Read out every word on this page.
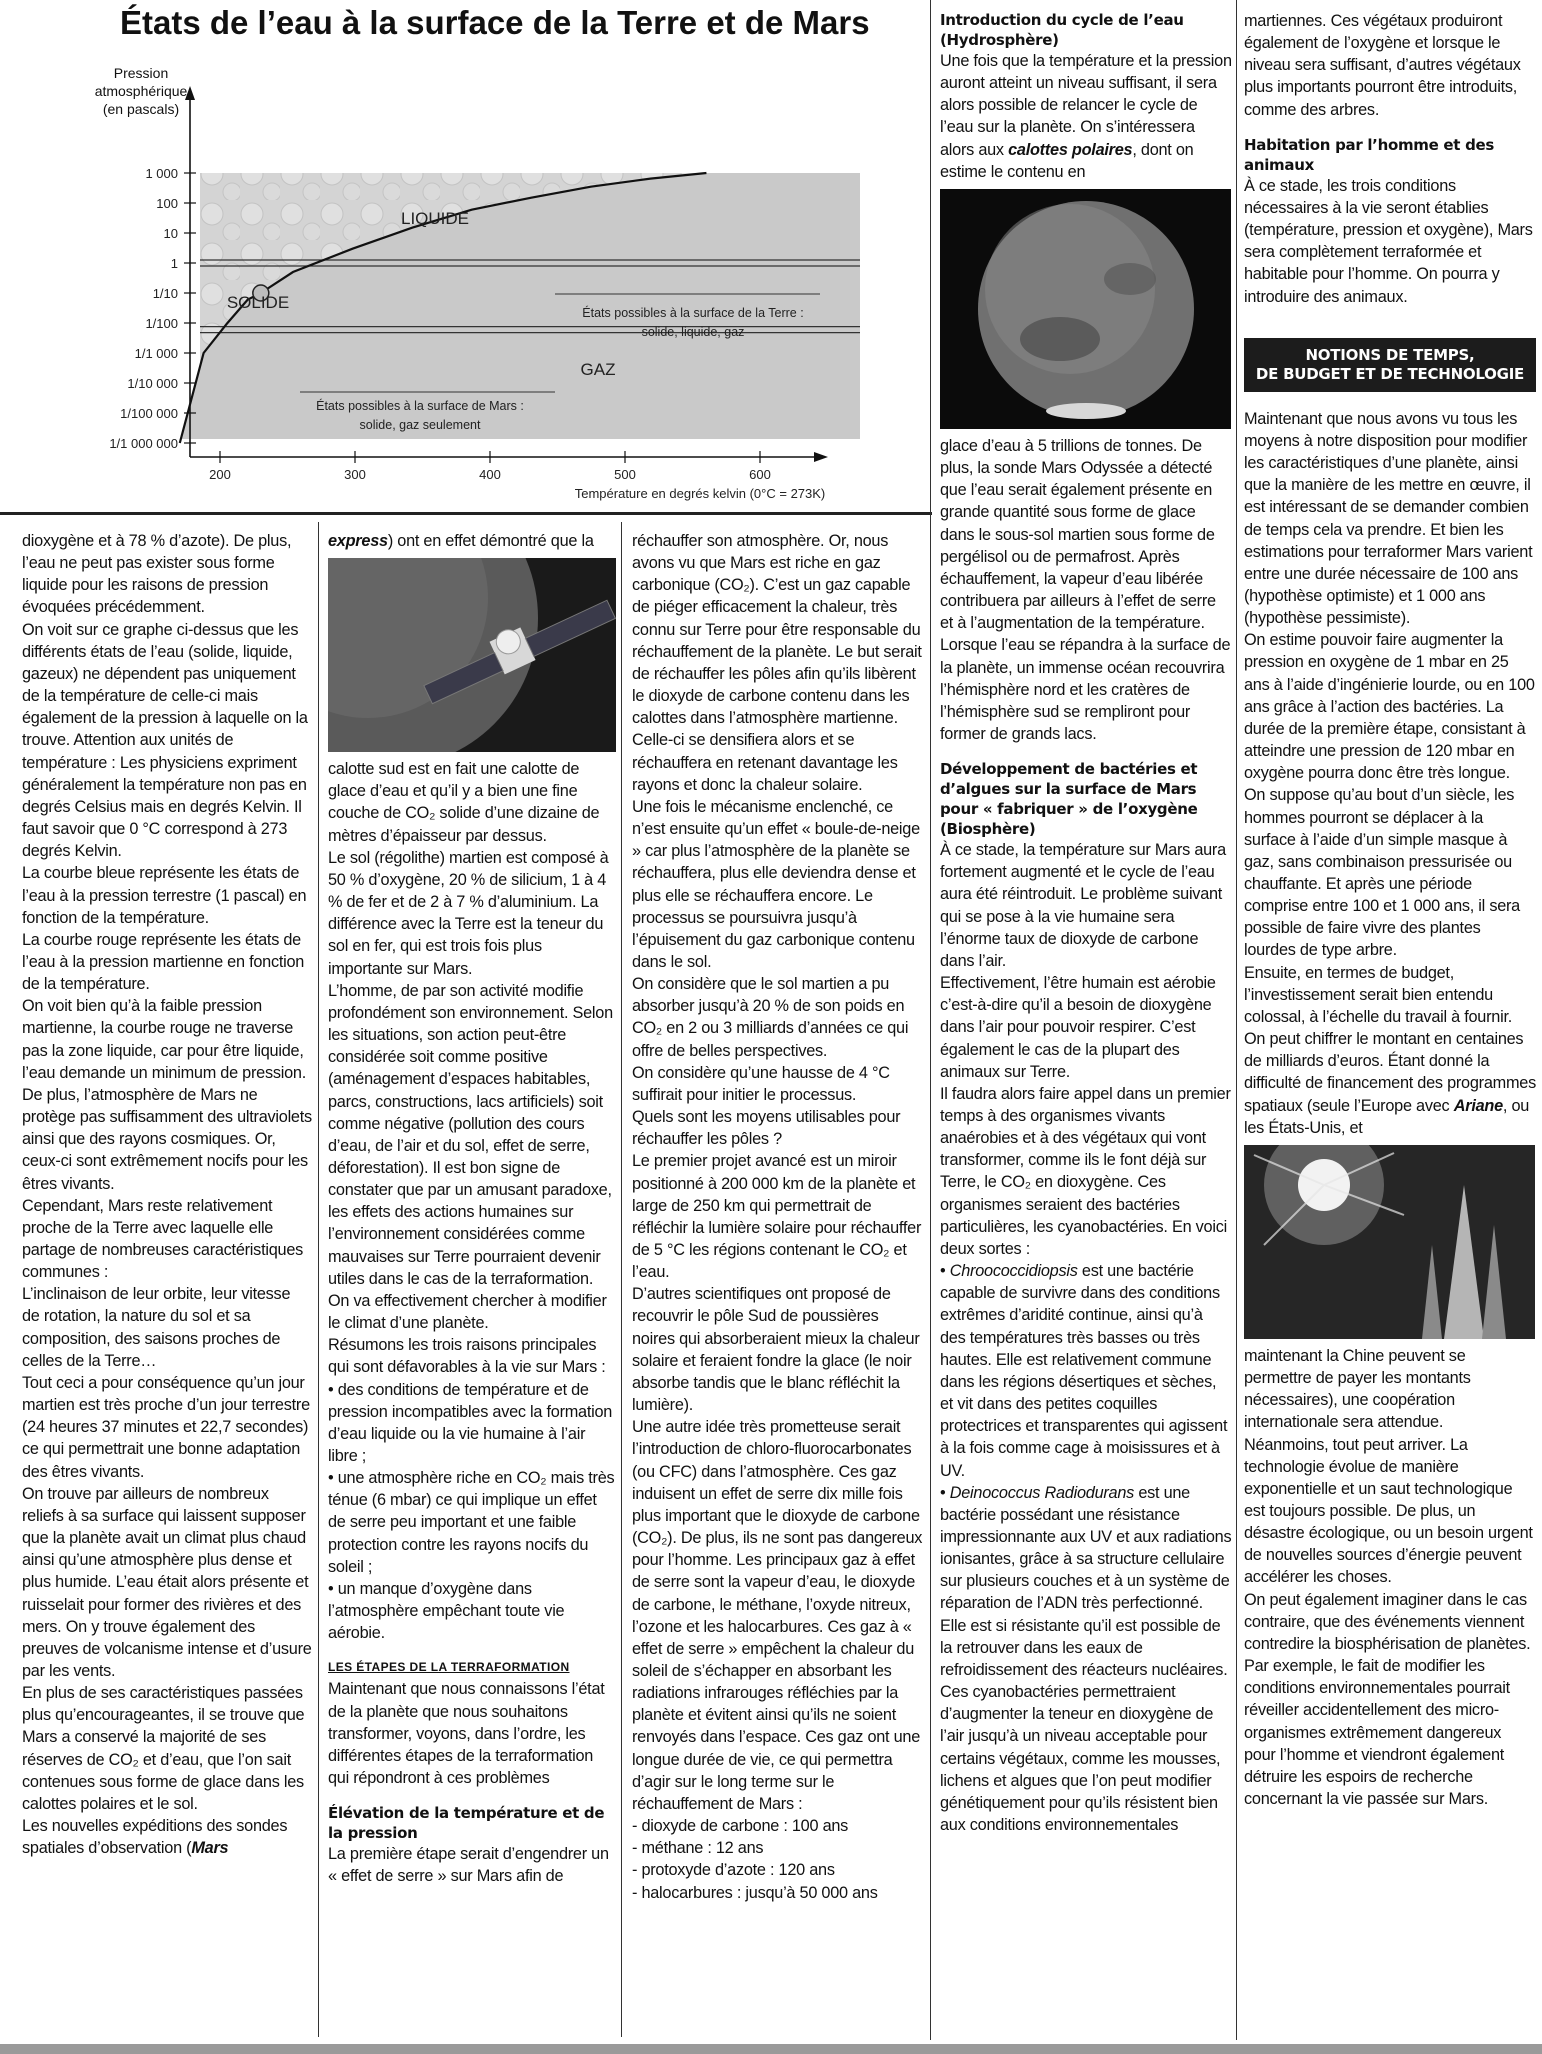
États de l’eau à la surface de la Terre et de Mars
1 000
100
10
1
1/10
1/100
1/1 000
1/10 000
1/100 000
1/1 000 000
200	300	400	500	600
Température en degrés kelvin (0°C = 273K)
LIQUIDE
SOLIDE
GAZ
États possibles à la surface de la Terre :
solide, liquide, gaz
États possibles à la surface de Mars :
solide, gaz seulement
Pression
atmosphérique
(en pascals)

dioxygène et à 78 % d’azote). De plus, l’eau ne peut pas exister sous forme liquide pour les raisons de pression évoquées précédemment.

On voit sur ce graphe ci-dessus que les différents états de l’eau (solide, liquide, gazeux) ne dépendent pas uniquement de la température de celle-ci mais également de la pression à laquelle on la trouve. Attention aux unités de température : Les physiciens expriment généralement la température non pas en degrés Celsius mais en degrés Kelvin. Il faut savoir que 0 °C correspond à 273 degrés Kelvin.

La courbe bleue représente les états de l’eau à la pression terrestre (1 pascal) en fonction de la température.

La courbe rouge représente les états de l’eau à la pression martienne en fonction de la température.

On voit bien qu’à la faible pression martienne, la courbe rouge ne traverse pas la zone liquide, car pour être liquide, l’eau demande un minimum de pression.

De plus, l’atmosphère de Mars ne protège pas suffisamment des ultraviolets ainsi que des rayons cosmiques. Or, ceux-ci sont extrêmement nocifs pour les êtres vivants.

Cependant, Mars reste relativement proche de la Terre avec laquelle elle partage de nombreuses caractéristiques communes :

L’inclinaison de leur orbite, leur vitesse de rotation, la nature du sol et sa composition, des saisons proches de celles de la Terre…

Tout ceci a pour conséquence qu’un jour martien est très proche d’un jour terrestre (24 heures 37 minutes et 22,7 secondes) ce qui permettrait une bonne adaptation des êtres vivants.

On trouve par ailleurs de nombreux reliefs à sa surface qui laissent supposer que la planète avait un climat plus chaud ainsi qu’une atmosphère plus dense et plus humide. L’eau était alors présente et ruisselait pour former des rivières et des mers. On y trouve également des preuves de volcanisme intense et d’usure par les vents.

En plus de ses caractéristiques passées plus qu’encourageantes, il se trouve que Mars a conservé la majorité de ses réserves de CO₂ et d’eau, que l’on sait contenues sous forme de glace dans les calottes polaires et le sol.

Les nouvelles expéditions des sondes spatiales d’observation (Mars

express) ont en effet démontré que la

calotte sud est en fait une calotte de glace d’eau et qu’il y a bien une fine couche de CO₂ solide d’une dizaine de mètres d’épaisseur par dessus.

Le sol (régolithe) martien est composé à 50 % d’oxygène, 20 % de silicium, 1 à 4 % de fer et de 2 à 7 % d’aluminium. La différence avec la Terre est la teneur du sol en fer, qui est trois fois plus importante sur Mars.

L’homme, de par son activité modifie profondément son environnement. Selon les situations, son action peut-être considérée soit comme positive (aménagement d’espaces habitables, parcs, constructions, lacs artificiels) soit comme négative (pollution des cours d’eau, de l’air et du sol, effet de serre, déforestation). Il est bon signe de constater que par un amusant paradoxe, les effets des actions humaines sur l’environnement considérées comme mauvaises sur Terre pourraient devenir utiles dans le cas de la terraformation. On va effectivement chercher à modifier le climat d’une planète.

Résumons les trois raisons principales qui sont défavorables à la vie sur Mars :

• des conditions de température et de pression incompatibles avec la formation d’eau liquide ou la vie humaine à l’air libre ;

• une atmosphère riche en CO₂ mais très ténue (6 mbar) ce qui implique un effet de serre peu important et une faible protection contre les rayons nocifs du soleil ;

• un manque d’oxygène dans l’atmosphère empêchant toute vie aérobie.

LES ÉTAPES DE LA TERRAFORMATION

Maintenant que nous connaissons l’état de la planète que nous souhaitons transformer, voyons, dans l’ordre, les différentes étapes de la terraformation qui répondront à ces problèmes

Élévation de la température et de la pression

La première étape serait d’engendrer un « effet de serre » sur Mars afin de

réchauffer son atmosphère. Or, nous avons vu que Mars est riche en gaz carbonique (CO₂). C’est un gaz capable de piéger efficacement la chaleur, très connu sur Terre pour être responsable du réchauffement de la planète. Le but serait de réchauffer les pôles afin qu’ils libèrent le dioxyde de carbone contenu dans les calottes dans l’atmosphère martienne. Celle-ci se densifiera alors et se réchauffera en retenant davantage les rayons et donc la chaleur solaire.

Une fois le mécanisme enclenché, ce n’est ensuite qu’un effet « boule-de-neige » car plus l’atmosphère de la planète se réchauffera, plus elle deviendra dense et plus elle se réchauffera encore. Le processus se poursuivra jusqu’à l’épuisement du gaz carbonique contenu dans le sol.

On considère que le sol martien a pu absorber jusqu’à 20 % de son poids en CO₂ en 2 ou 3 milliards d’années ce qui offre de belles perspectives.

On considère qu’une hausse de 4 °C suffirait pour initier le processus.

Quels sont les moyens utilisables pour réchauffer les pôles ?

Le premier projet avancé est un miroir positionné à 200 000 km de la planète et large de 250 km qui permettrait de réfléchir la lumière solaire pour réchauffer de 5 °C les régions contenant le CO₂ et l’eau.

D’autres scientifiques ont proposé de recouvrir le pôle Sud de poussières noires qui absorberaient mieux la chaleur solaire et feraient fondre la glace (le noir absorbe tandis que le blanc réfléchit la lumière).

Une autre idée très prometteuse serait l’introduction de chloro-fluorocarbonates (ou CFC) dans l’atmosphère. Ces gaz induisent un effet de serre dix mille fois plus important que le dioxyde de carbone (CO₂). De plus, ils ne sont pas dangereux pour l’homme. Les principaux gaz à effet de serre sont la vapeur d’eau, le dioxyde de carbone, le méthane, l’oxyde nitreux, l’ozone et les halocarbures. Ces gaz à « effet de serre » empêchent la chaleur du soleil de s’échapper en absorbant les radiations infrarouges réfléchies par la planète et évitent ainsi qu’ils ne soient renvoyés dans l’espace. Ces gaz ont une longue durée de vie, ce qui permettra d’agir sur le long terme sur le réchauffement de Mars :

- dioxyde de carbone : 100 ans

- méthane : 12 ans

- protoxyde d’azote : 120 ans

- halocarbures : jusqu’à 50 000 ans

Introduction du cycle de l’eau (Hydrosphère)

Une fois que la température et la pression auront atteint un niveau suffisant, il sera alors possible de relancer le cycle de l’eau sur la planète. On s’intéressera alors aux calottes polaires, dont on estime le contenu en

glace d’eau à 5 trillions de tonnes. De plus, la sonde Mars Odyssée a détecté que l’eau serait également présente en grande quantité sous forme de glace dans le sous-sol martien sous forme de pergélisol ou de permafrost. Après échauffement, la vapeur d’eau libérée contribuera par ailleurs à l’effet de serre et à l’augmentation de la température.

Lorsque l’eau se répandra à la surface de la planète, un immense océan recouvrira l’hémisphère nord et les cratères de l’hémisphère sud se rempliront pour former de grands lacs.

Développement de bactéries et d’algues sur la surface de Mars pour « fabriquer » de l’oxygène (Biosphère)

À ce stade, la température sur Mars aura fortement augmenté et le cycle de l’eau aura été réintroduit. Le problème suivant qui se pose à la vie humaine sera l’énorme taux de dioxyde de carbone dans l’air.

Effectivement, l’être humain est aérobie c’est-à-dire qu’il a besoin de dioxygène dans l’air pour pouvoir respirer. C’est également le cas de la plupart des animaux sur Terre.

Il faudra alors faire appel dans un premier temps à des organismes vivants anaérobies et à des végétaux qui vont transformer, comme ils le font déjà sur Terre, le CO₂ en dioxygène. Ces organismes seraient des bactéries particulières, les cyanobactéries. En voici deux sortes :

• Chroococcidiopsis est une bactérie capable de survivre dans des conditions extrêmes d’aridité continue, ainsi qu’à des températures très basses ou très hautes. Elle est relativement commune dans les régions désertiques et sèches, et vit dans des petites coquilles protectrices et transparentes qui agissent à la fois comme cage à moisissures et à UV.

• Deinococcus Radiodurans est une bactérie possédant une résistance impressionnante aux UV et aux radiations ionisantes, grâce à sa structure cellulaire sur plusieurs couches et à un système de réparation de l’ADN très perfectionné. Elle est si résistante qu’il est possible de la retrouver dans les eaux de refroidissement des réacteurs nucléaires.

Ces cyanobactéries permettraient d’augmenter la teneur en dioxygène de l’air jusqu’à un niveau acceptable pour certains végétaux, comme les mousses, lichens et algues que l’on peut modifier génétiquement pour qu’ils résistent bien aux conditions environnementales

martiennes. Ces végétaux produiront également de l’oxygène et lorsque le niveau sera suffisant, d’autres végétaux plus importants pourront être introduits, comme des arbres.

Habitation par l’homme et des animaux

À ce stade, les trois conditions nécessaires à la vie seront établies (température, pression et oxygène), Mars sera complètement terraformée et habitable pour l’homme. On pourra y introduire des animaux.

NOTIONS DE TEMPS,
DE BUDGET ET DE TECHNOLOGIE

Maintenant que nous avons vu tous les moyens à notre disposition pour modifier les caractéristiques d’une planète, ainsi que la manière de les mettre en œuvre, il est intéressant de se demander combien de temps cela va prendre. Et bien les estimations pour terraformer Mars varient entre une durée nécessaire de 100 ans (hypothèse optimiste) et 1 000 ans (hypothèse pessimiste).

On estime pouvoir faire augmenter la pression en oxygène de 1 mbar en 25 ans à l’aide d’ingénierie lourde, ou en 100 ans grâce à l’action des bactéries. La durée de la première étape, consistant à atteindre une pression de 120 mbar en oxygène pourra donc être très longue.

On suppose qu’au bout d’un siècle, les hommes pourront se déplacer à la surface à l’aide d’un simple masque à gaz, sans combinaison pressurisée ou chauffante. Et après une période comprise entre 100 et 1 000 ans, il sera possible de faire vivre des plantes lourdes de type arbre.

Ensuite, en termes de budget, l’investissement serait bien entendu colossal, à l’échelle du travail à fournir. On peut chiffrer le montant en centaines de milliards d’euros. Étant donné la difficulté de financement des programmes spatiaux (seule l’Europe avec Ariane, ou les États-Unis, et

maintenant la Chine peuvent se permettre de payer les montants nécessaires), une coopération internationale sera attendue.

Néanmoins, tout peut arriver. La technologie évolue de manière exponentielle et un saut technologique est toujours possible. De plus, un désastre écologique, ou un besoin urgent de nouvelles sources d’énergie peuvent accélérer les choses.

On peut également imaginer dans le cas contraire, que des événements viennent contredire la biosphérisation de planètes. Par exemple, le fait de modifier les conditions environnementales pourrait réveiller accidentellement des micro-organismes extrêmement dangereux pour l’homme et viendront également détruire les espoirs de recherche concernant la vie passée sur Mars.
